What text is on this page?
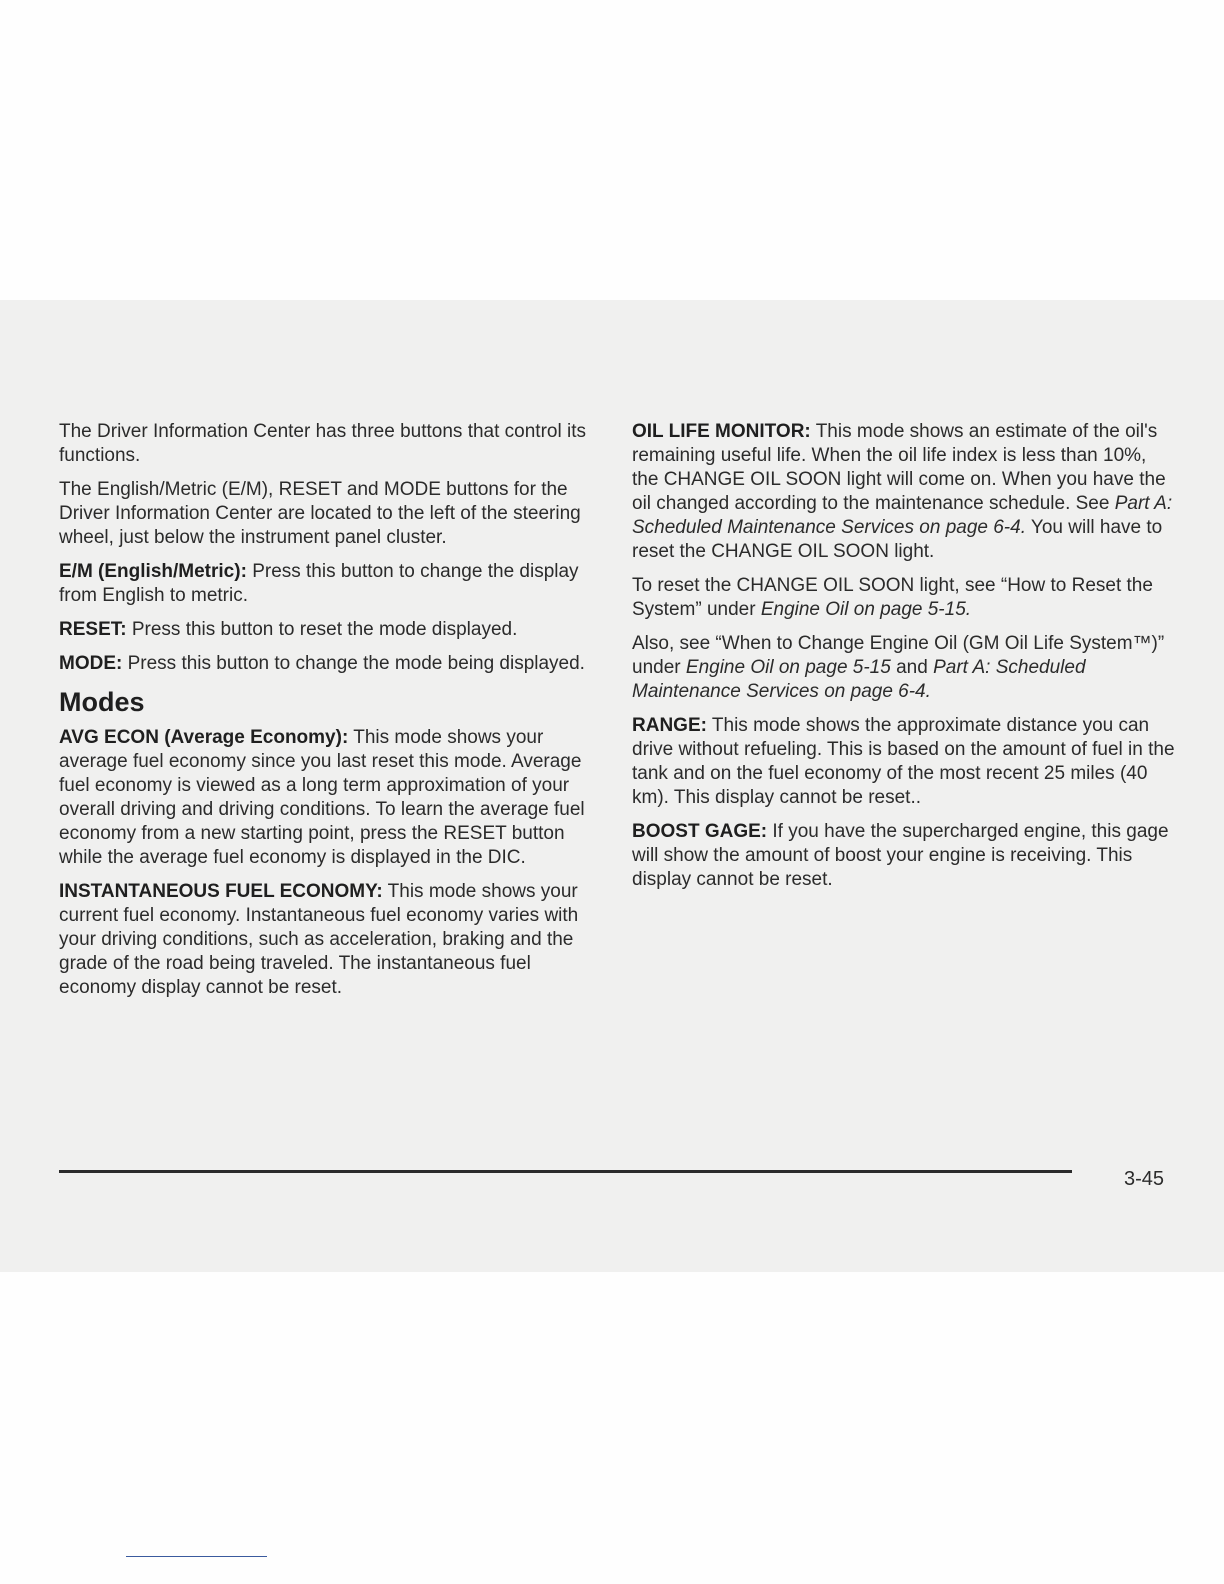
The Driver Information Center has three buttons that control its functions.

The English/Metric (E/M), RESET and MODE buttons for the Driver Information Center are located to the left of the steering wheel, just below the instrument panel cluster.

E/M (English/Metric): Press this button to change the display from English to metric.

RESET: Press this button to reset the mode displayed.

MODE: Press this button to change the mode being displayed.

Modes

AVG ECON (Average Economy): This mode shows your average fuel economy since you last reset this mode. Average fuel economy is viewed as a long term approximation of your overall driving and driving conditions. To learn the average fuel economy from a new starting point, press the RESET button while the average fuel economy is displayed in the DIC.

INSTANTANEOUS FUEL ECONOMY: This mode shows your current fuel economy. Instantaneous fuel economy varies with your driving conditions, such as acceleration, braking and the grade of the road being traveled. The instantaneous fuel economy display cannot be reset.

OIL LIFE MONITOR: This mode shows an estimate of the oil's remaining useful life. When the oil life index is less than 10%, the CHANGE OIL SOON light will come on. When you have the oil changed according to the maintenance schedule. See Part A: Scheduled Maintenance Services on page 6-4. You will have to reset the CHANGE OIL SOON light.

To reset the CHANGE OIL SOON light, see “How to Reset the System” under Engine Oil on page 5-15.

Also, see “When to Change Engine Oil (GM Oil Life System™)” under Engine Oil on page 5-15 and Part A: Scheduled Maintenance Services on page 6-4.

RANGE: This mode shows the approximate distance you can drive without refueling. This is based on the amount of fuel in the tank and on the fuel economy of the most recent 25 miles (40 km). This display cannot be reset..

BOOST GAGE: If you have the supercharged engine, this gage will show the amount of boost your engine is receiving. This display cannot be reset.

3-45
